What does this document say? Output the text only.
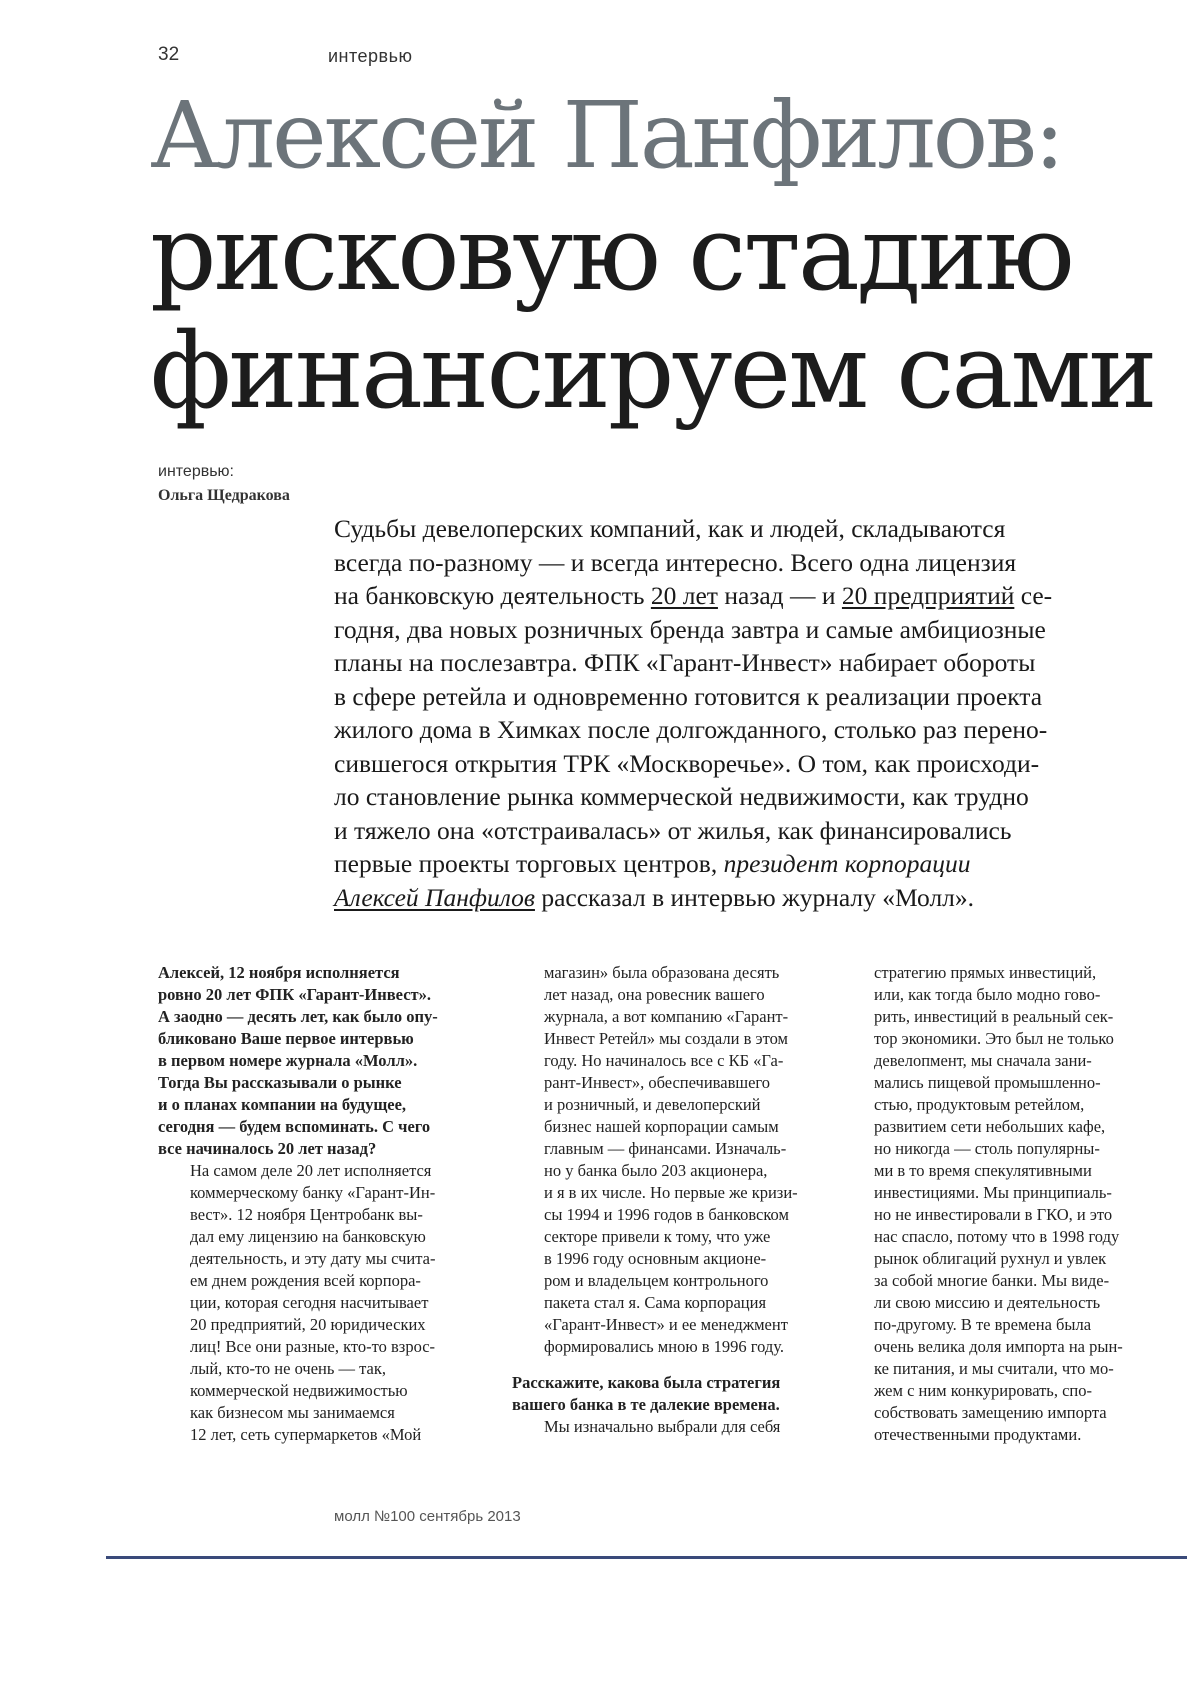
32	интервью
Алексей Панфилов:
рисковую стадию
финансируем сами
интервью:
Ольга Щедракова
Судьбы девелоперских компаний, как и людей, складываются
всегда по-разному — и всегда интересно. Всего одна лицензия
на банковскую деятельность 20 лет назад — и 20 предприятий се-
годня, два новых розничных бренда завтра и самые амбициозные
планы на послезавтра. ФПК «Гарант-Инвест» набирает обороты
в сфере ретейла и одновременно готовится к реализации проекта
жилого дома в Химках после долгожданного, столько раз перено-
сившегося открытия ТРК «Москворечье». О том, как происходи-
ло становление рынка коммерческой недвижимости, как трудно
и тяжело она «отстраивалась» от жилья, как финансировались
первые проекты торговых центров, президент корпорации
Алексей Панфилов рассказал в интервью журналу «Молл».
Алексей, 12 ноября исполняется
ровно 20 лет ФПК «Гарант-Инвест».
А заодно — десять лет, как было опу-
бликовано Ваше первое интервью
в первом номере журнала «Молл».
Тогда Вы рассказывали о рынке
и о планах компании на будущее,
сегодня — будем вспоминать. С чего
все начиналось 20 лет назад?
На самом деле 20 лет исполняется
коммерческому банку «Гарант-Ин-
вест». 12 ноября Центробанк вы-
дал ему лицензию на банковскую
деятельность, и эту дату мы счита-
ем днем рождения всей корпора-
ции, которая сегодня насчитывает
20 предприятий, 20 юридических
лиц! Все они разные, кто-то взрос-
лый, кто-то не очень — так,
коммерческой недвижимостью
как бизнесом мы занимаемся
12 лет, сеть супермаркетов «Мой
магазин» была образована десять
лет назад, она ровесник вашего
журнала, а вот компанию «Гарант-
Инвест Ретейл» мы создали в этом
году. Но начиналось все с КБ «Га-
рант-Инвест», обеспечивавшего
и розничный, и девелоперский
бизнес нашей корпорации самым
главным — финансами. Изначаль-
но у банка было 203 акционера,
и я в их числе. Но первые же кризи-
сы 1994 и 1996 годов в банковском
секторе привели к тому, что уже
в 1996 году основным акционе-
ром и владельцем контрольного
пакета стал я. Сама корпорация
«Гарант-Инвест» и ее менеджмент
формировались мною в 1996 году.
Расскажите, какова была стратегия
вашего банка в те далекие времена.
Мы изначально выбрали для себя
стратегию прямых инвестиций,
или, как тогда было модно гово-
рить, инвестиций в реальный сек-
тор экономики. Это был не только
девелопмент, мы сначала зани-
мались пищевой промышленно-
стью, продуктовым ретейлом,
развитием сети небольших кафе,
но никогда — столь популярны-
ми в то время спекулятивными
инвестициями. Мы принципиаль-
но не инвестировали в ГКО, и это
нас спасло, потому что в 1998 году
рынок облигаций рухнул и увлек
за собой многие банки. Мы виде-
ли свою миссию и деятельность
по-другому. В те времена была
очень велика доля импорта на рын-
ке питания, и мы считали, что мо-
жем с ним конкурировать, спо-
собствовать замещению импорта
отечественными продуктами.
молл №100 сентябрь 2013
